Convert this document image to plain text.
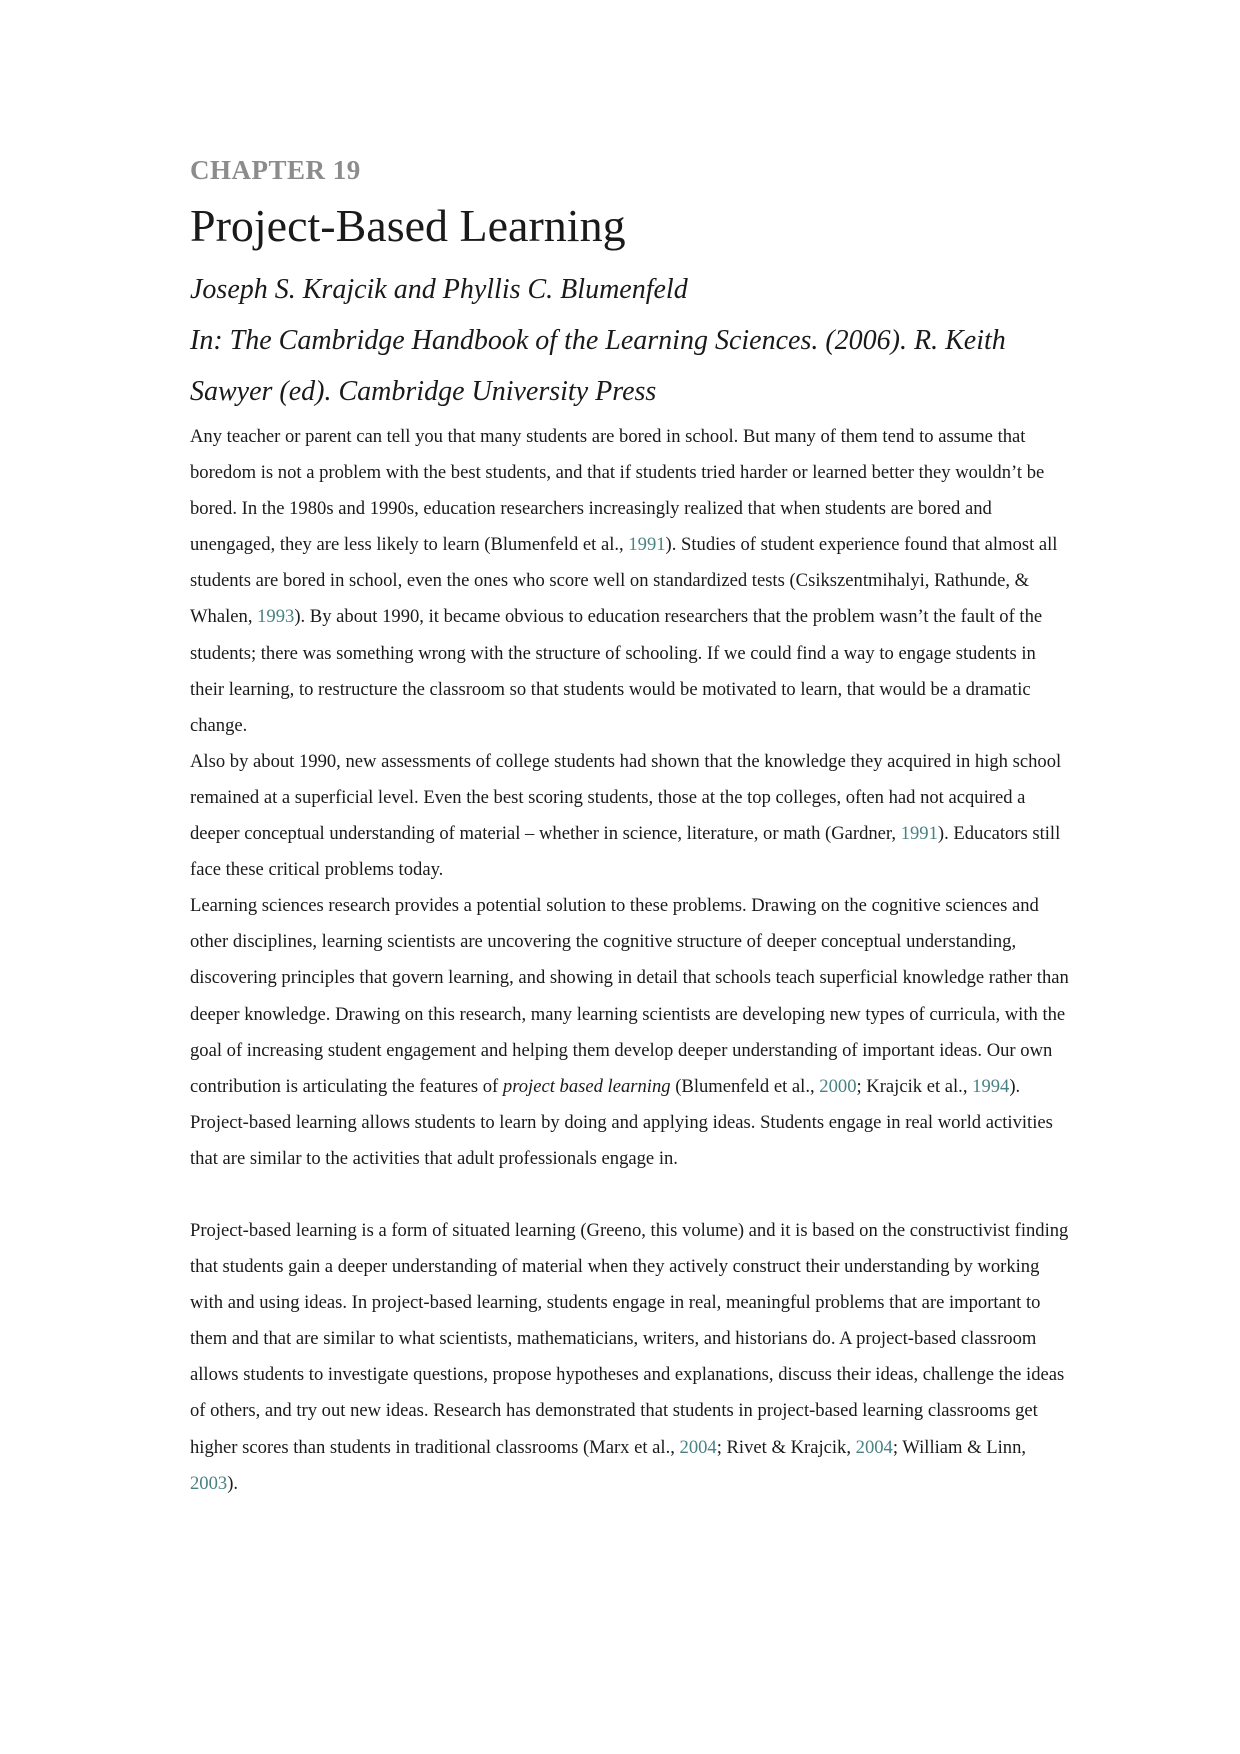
CHAPTER 19
Project-Based Learning

Joseph S. Krajcik and Phyllis C. Blumenfeld

In: The Cambridge Handbook of the Learning Sciences. (2006). R. Keith

Sawyer (ed). Cambridge University Press

Any teacher or parent can tell you that many students are bored in school. But many of them tend to assume that boredom is not a problem with the best students, and that if students tried harder or learned better they wouldn’t be bored. In the 1980s and 1990s, education researchers increasingly realized that when students are bored and unengaged, they are less likely to learn (Blumenfeld et al., 1991). Studies of student experience found that almost all students are bored in school, even the ones who score well on standardized tests (Csikszentmihalyi, Rathunde, & Whalen, 1993). By about 1990, it became obvious to education researchers that the problem wasn’t the fault of the students; there was something wrong with the structure of schooling. If we could find a way to engage students in their learning, to restructure the classroom so that students would be motivated to learn, that would be a dramatic change.

Also by about 1990, new assessments of college students had shown that the knowledge they acquired in high school remained at a superficial level. Even the best scoring students, those at the top colleges, often had not acquired a deeper conceptual understanding of material – whether in science, literature, or math (Gardner, 1991). Educators still face these critical problems today.

Learning sciences research provides a potential solution to these problems. Drawing on the cognitive sciences and other disciplines, learning scientists are uncovering the cognitive structure of deeper conceptual understanding, discovering principles that govern learning, and showing in detail that schools teach superficial knowledge rather than deeper knowledge. Drawing on this research, many learning scientists are developing new types of curricula, with the goal of increasing student engagement and helping them develop deeper understanding of important ideas. Our own contribution is articulating the features of project based learning (Blumenfeld et al., 2000; Krajcik et al., 1994). Project-based learning allows students to learn by doing and applying ideas. Students engage in real world activities that are similar to the activities that adult professionals engage in.

Project-based learning is a form of situated learning (Greeno, this volume) and it is based on the constructivist finding that students gain a deeper understanding of material when they actively construct their understanding by working with and using ideas. In project-based learning, students engage in real, meaningful problems that are important to them and that are similar to what scientists, mathematicians, writers, and historians do. A project-based classroom allows students to investigate questions, propose hypotheses and explanations, discuss their ideas, challenge the ideas of others, and try out new ideas. Research has demonstrated that students in project-based learning classrooms get higher scores than students in traditional classrooms (Marx et al., 2004; Rivet & Krajcik, 2004; William & Linn, 2003).
